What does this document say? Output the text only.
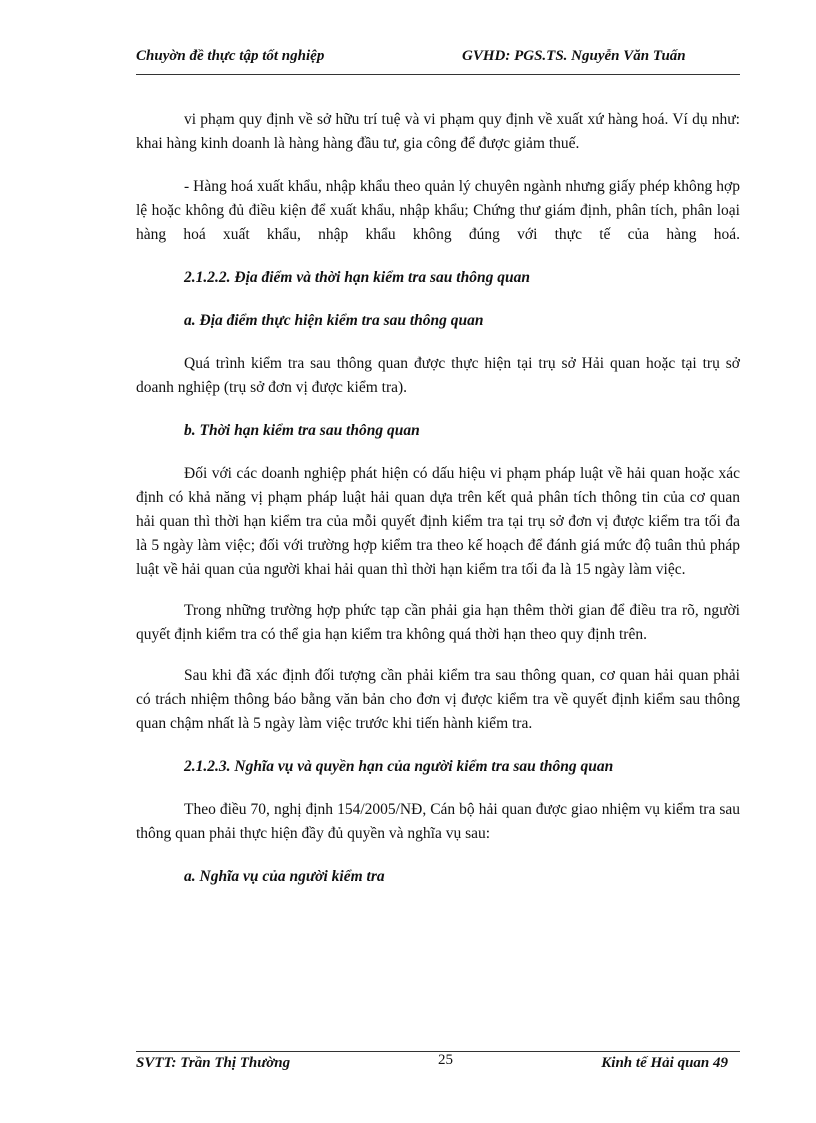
Chuyờn đề thực tập tốt nghiệp	GVHD: PGS.TS. Nguyễn Văn Tuấn

vi phạm quy định về sở hữu trí tuệ và vi phạm quy định về xuất xứ hàng hoá. Ví dụ như: khai hàng kinh doanh là hàng hàng đầu tư, gia công để được giảm thuế.

- Hàng hoá xuất khẩu, nhập khẩu theo quản lý chuyên ngành nhưng giấy phép không hợp lệ hoặc không đủ điều kiện để xuất khẩu, nhập khẩu; Chứng thư giám định, phân tích, phân loại hàng hoá xuất khẩu, nhập khẩu không đúng với thực tế của hàng hoá.

2.1.2.2. Địa điểm và thời hạn kiểm tra sau thông quan

a. Địa điểm thực hiện kiểm tra sau thông quan

Quá trình kiểm tra sau thông quan được thực hiện tại trụ sở Hải quan hoặc tại trụ sở doanh nghiệp (trụ sở đơn vị được kiểm tra).

b. Thời hạn kiểm tra sau thông quan

Đối với các doanh nghiệp phát hiện có dấu hiệu vi phạm pháp luật về hải quan hoặc xác định có khả năng vị phạm pháp luật hải quan dựa trên kết quả phân tích thông tin của cơ quan hải quan thì thời hạn kiểm tra của mỗi quyết định kiểm tra tại trụ sở đơn vị được kiểm tra tối đa là 5 ngày làm việc; đối với trường hợp kiểm tra theo kế hoạch để đánh giá mức độ tuân thủ pháp luật về hải quan của người khai hải quan thì thời hạn kiểm tra tối đa là 15 ngày làm việc.

Trong những trường hợp phức tạp cần phải gia hạn thêm thời gian để điều tra rõ, người quyết định kiểm tra có thể gia hạn kiểm tra không quá thời hạn theo quy định trên.

Sau khi đã xác định đối tượng cần phải kiểm tra sau thông quan, cơ quan hải quan phải có trách nhiệm thông báo bằng văn bản cho đơn vị được kiểm tra về quyết định kiểm sau thông quan chậm nhất là 5 ngày làm việc trước khi tiến hành kiểm tra.

2.1.2.3. Nghĩa vụ và quyền hạn của người kiểm tra sau thông quan

Theo điều 70, nghị định 154/2005/NĐ, Cán bộ hải quan được giao nhiệm vụ kiểm tra sau thông quan phải thực hiện đầy đủ quyền và nghĩa vụ sau:

a. Nghĩa vụ của người kiểm tra

SVTT: Trần Thị Thường	25	Kinh tế Hải quan 49
